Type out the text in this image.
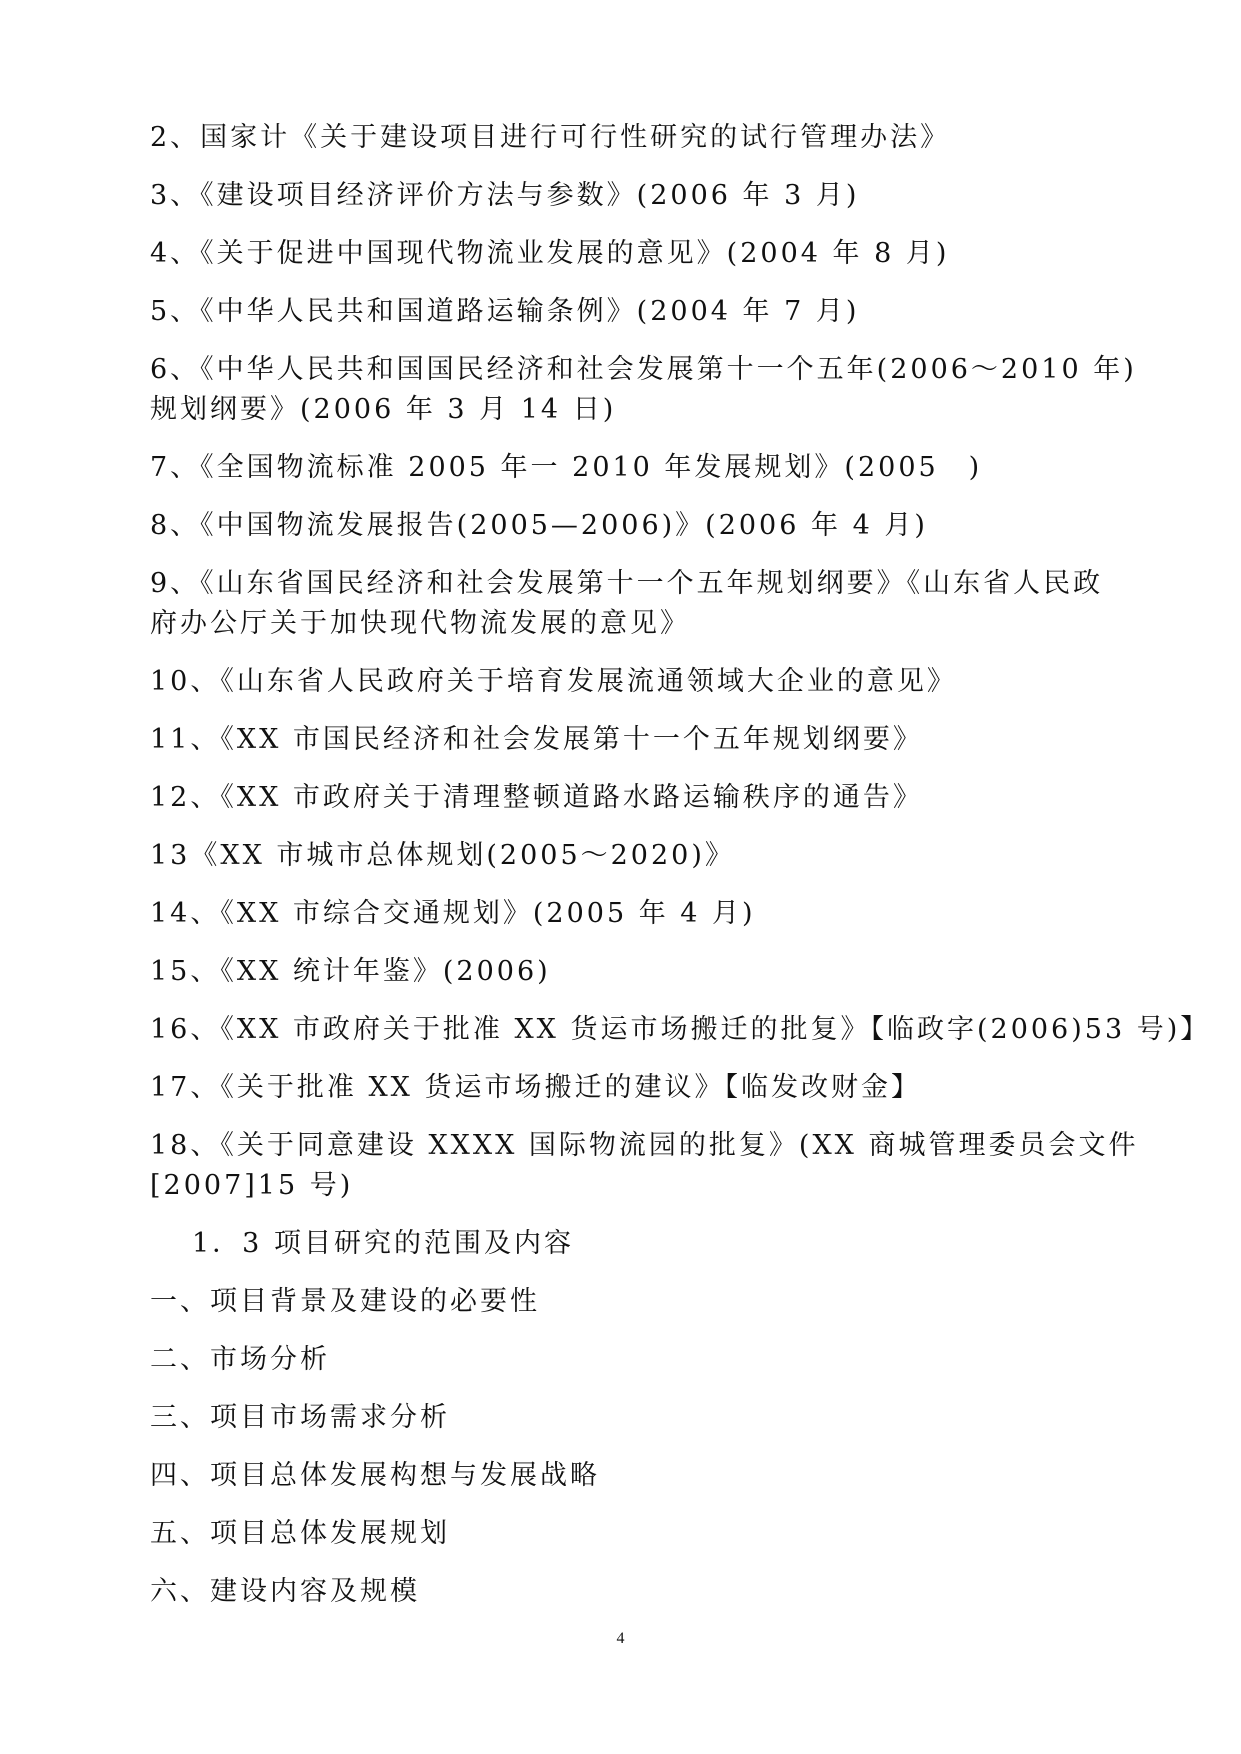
2、国家计《关于建设项目进行可行性研究的试行管理办法》

3、《建设项目经济评价方法与参数》(2006 年 3 月)

4、《关于促进中国现代物流业发展的意见》(2004 年 8 月)

5、《中华人民共和国道路运输条例》(2004 年 7 月)

6、《中华人民共和国国民经济和社会发展第十一个五年(2006～2010 年)

规划纲要》(2006 年 3 月 14 日)

7、《全国物流标准 2005 年一 2010 年发展规划》(2005　)

8、《中国物流发展报告(2005—2006)》(2006 年 4 月)

9、《山东省国民经济和社会发展第十一个五年规划纲要》《山东省人民政

府办公厅关于加快现代物流发展的意见》

10、《山东省人民政府关于培育发展流通领域大企业的意见》

11、《XX 市国民经济和社会发展第十一个五年规划纲要》

12、《XX 市政府关于清理整顿道路水路运输秩序的通告》

13《XX 市城市总体规划(2005～2020)》

14、《XX 市综合交通规划》(2005 年 4 月)

15、《XX 统计年鉴》(2006)

16、《XX 市政府关于批准 XX 货运市场搬迁的批复》【临政字(2006)53 号)】

17、《关于批准 XX 货运市场搬迁的建议》【临发改财金】

18、《关于同意建设 XXXX 国际物流园的批复》(XX 商城管理委员会文件

[2007]15 号)

1．3 项目研究的范围及内容

一、项目背景及建设的必要性

二、市场分析

三、项目市场需求分析

四、项目总体发展构想与发展战略

五、项目总体发展规划

六、建设内容及规模

4
